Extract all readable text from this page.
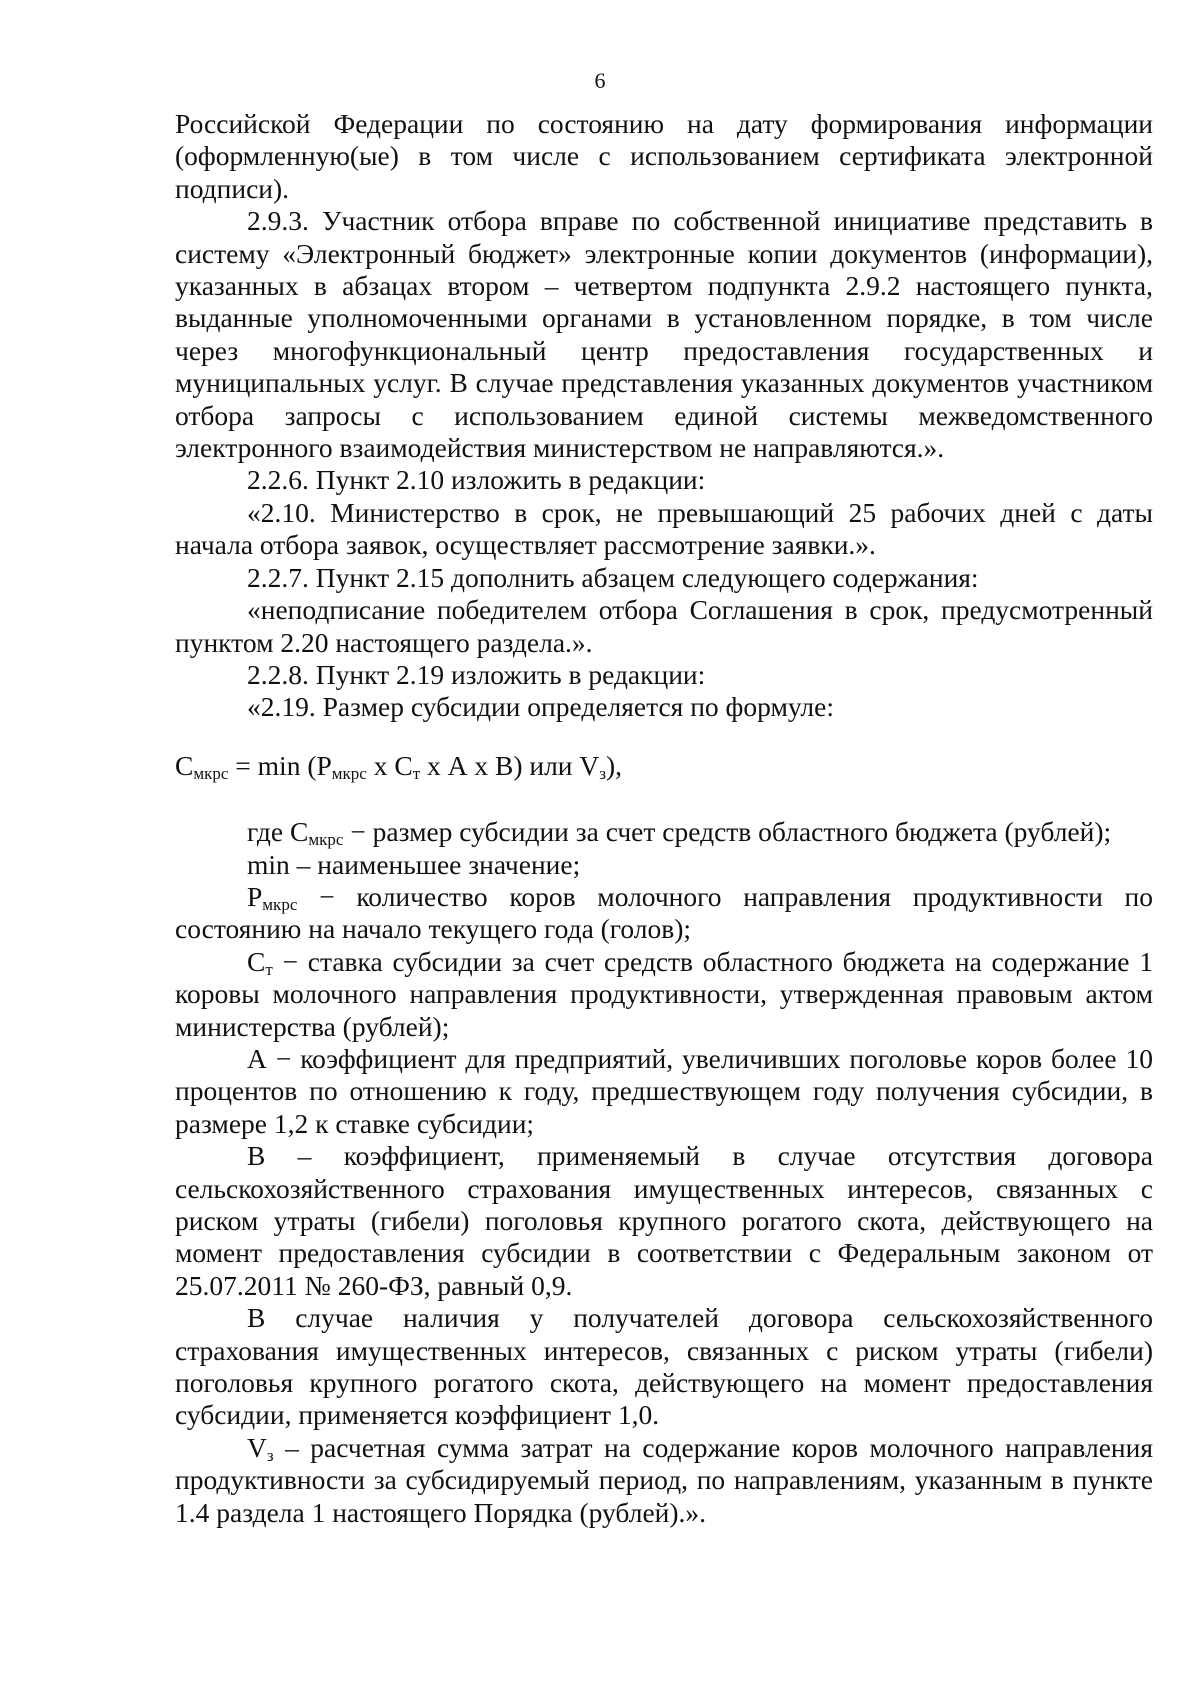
6

Российской Федерации по состоянию на дату формирования информации (оформленную(ые) в том числе с использованием сертификата электронной подписи).

2.9.3. Участник отбора вправе по собственной инициативе представить в систему «Электронный бюджет» электронные копии документов (информации), указанных в абзацах втором – четвертом подпункта 2.9.2 настоящего пункта, выданные уполномоченными органами в установленном порядке, в том числе через многофункциональный центр предоставления государственных и муниципальных услуг. В случае представления указанных документов участником отбора запросы с использованием единой системы межведомственного электронного взаимодействия министерством не направляются.».

2.2.6. Пункт 2.10 изложить в редакции:

«2.10. Министерство в срок, не превышающий 25 рабочих дней с даты начала отбора заявок, осуществляет рассмотрение заявки.».

2.2.7. Пункт 2.15 дополнить абзацем следующего содержания:

«неподписание победителем отбора Соглашения в срок, предусмотренный пунктом 2.20 настоящего раздела.».

2.2.8. Пункт 2.19 изложить в редакции:

«2.19. Размер субсидии определяется по формуле:

$С_{мкрс} = \min (Р_{мкрс}$ х $С_т$ х А х В) или $V_з$),

где $С_{мкрс}$ − размер субсидии за счет средств областного бюджета (рублей);

min – наименьшее значение;

$Р_{мкрс}$ − количество коров молочного направления продуктивности по состоянию на начало текущего года (голов);

$С_т$ − ставка субсидии за счет средств областного бюджета на содержание 1 коровы молочного направления продуктивности, утвержденная правовым актом министерства (рублей);

А − коэффициент для предприятий, увеличивших поголовье коров более 10 процентов по отношению к году, предшествующем году получения субсидии, в размере 1,2 к ставке субсидии;

В – коэффициент, применяемый в случае отсутствия договора сельскохозяйственного страхования имущественных интересов, связанных с риском утраты (гибели) поголовья крупного рогатого скота, действующего на момент предоставления субсидии в соответствии с Федеральным законом от 25.07.2011 № 260-ФЗ, равный 0,9.

В случае наличия у получателей договора сельскохозяйственного страхования имущественных интересов, связанных с риском утраты (гибели) поголовья крупного рогатого скота, действующего на момент предоставления субсидии, применяется коэффициент 1,0.

$V_з$ – расчетная сумма затрат на содержание коров молочного направления продуктивности за субсидируемый период, по направлениям, указанным в пункте 1.4 раздела 1 настоящего Порядка (рублей).».
